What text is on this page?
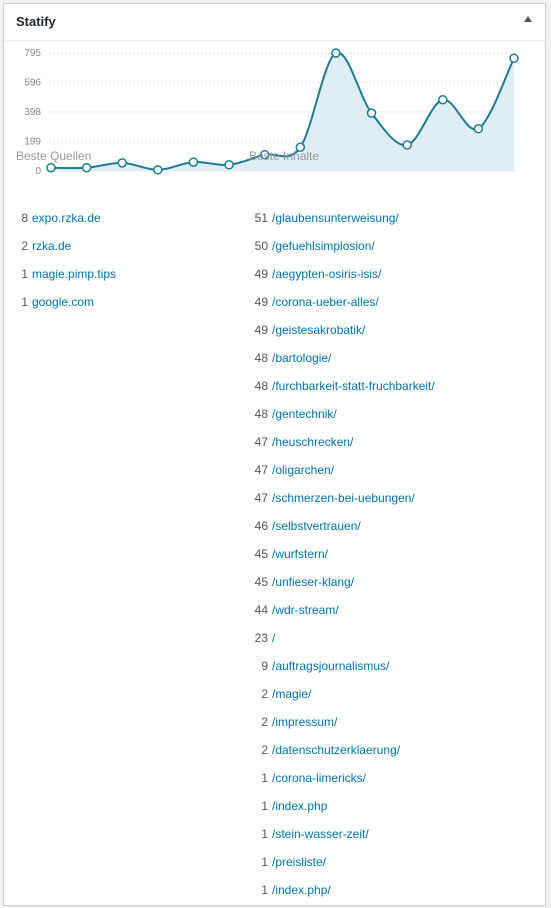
Statify
0
199
398
596
795
Beste Quellen
8 expo.rzka.de
2 rzka.de
1 magie.pimp.tips
1 google.com
Beste Inhalte
51 /glaubensunterweisung/
50 /gefuehlsimplosion/
49 /aegypten-osiris-isis/
49 /corona-ueber-alles/
49 /geistesakrobatik/
48 /bartologie/
48 /furchbarkeit-statt-fruchbarkeit/
48 /gentechnik/
47 /heuschrecken/
47 /oligarchen/
47 /schmerzen-bei-uebungen/
46 /selbstvertrauen/
45 /wurfstern/
45 /unfieser-klang/
44 /wdr-stream/
23 /
9 /auftragsjournalismus/
2 /magie/
2 /impressum/
2 /datenschutzerklaerung/
1 /corona-limericks/
1 /index.php
1 /stein-wasser-zeit/
1 /preisliste/
1 /index.php/
